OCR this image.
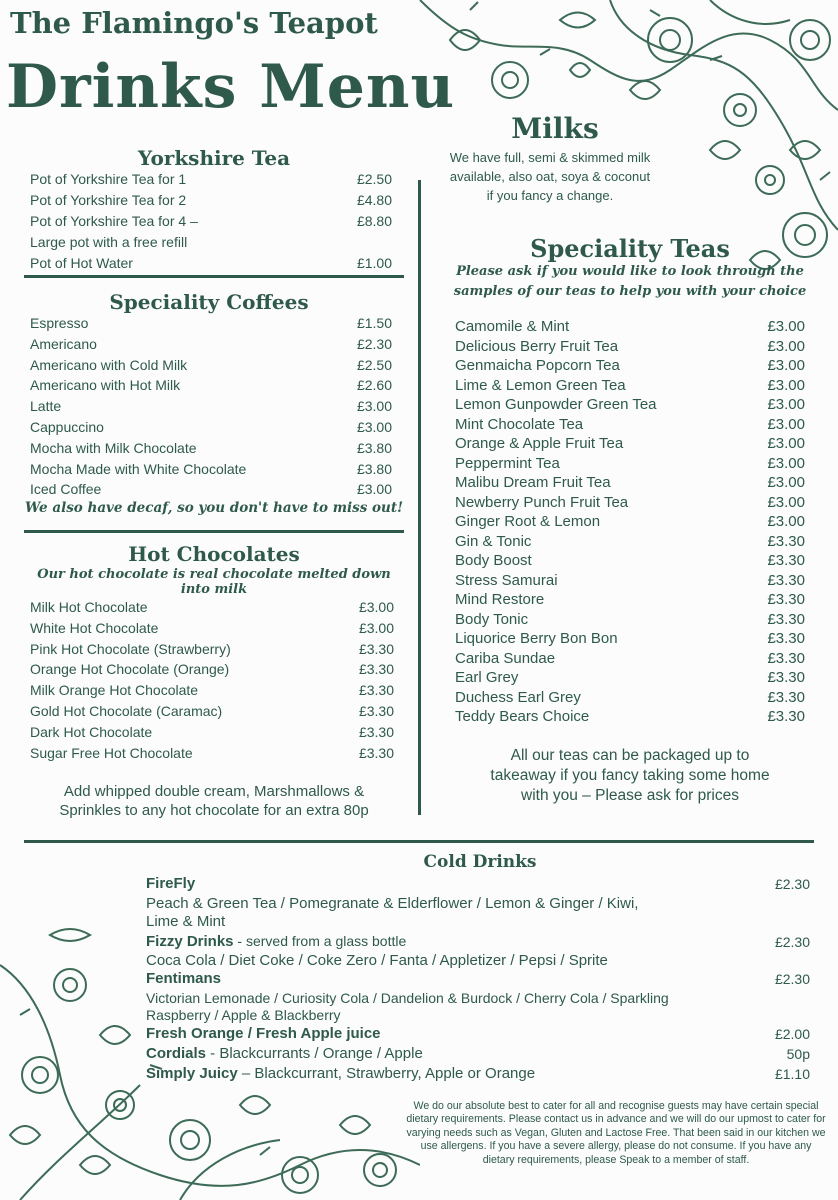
The Flamingo's Teapot
Drinks Menu
Yorkshire Tea
Pot of Yorkshire Tea for 1	£2.50
Pot of Yorkshire Tea for 2	£4.80
Pot of Yorkshire Tea for 4 –	£8.80
Large pot with a free refill
Pot of Hot Water	£1.00
Speciality Coffees
Espresso	£1.50
Americano	£2.30
Americano with Cold Milk	£2.50
Americano with Hot Milk	£2.60
Latte	£3.00
Cappuccino	£3.00
Mocha with Milk Chocolate	£3.80
Mocha Made with White Chocolate	£3.80
Iced Coffee	£3.00
We also have decaf, so you don't have to miss out!
Hot Chocolates
Our hot chocolate is real chocolate melted down
into milk
Milk Hot Chocolate	£3.00
White Hot Chocolate	£3.00
Pink Hot Chocolate (Strawberry)	£3.30
Orange Hot Chocolate (Orange)	£3.30
Milk Orange Hot Chocolate	£3.30
Gold Hot Chocolate (Caramac)	£3.30
Dark Hot Chocolate	£3.30
Sugar Free Hot Chocolate	£3.30
Add whipped double cream, Marshmallows &
Sprinkles to any hot chocolate for an extra 80p
Milks
We have full, semi & skimmed milk
available, also oat, soya & coconut
if you fancy a change.
Speciality Teas
Please ask if you would like to look through the
samples of our teas to help you with your choice
Camomile & Mint	£3.00
Delicious Berry Fruit Tea	£3.00
Genmaicha Popcorn Tea	£3.00
Lime & Lemon Green Tea	£3.00
Lemon Gunpowder Green Tea	£3.00
Mint Chocolate Tea	£3.00
Orange & Apple Fruit Tea	£3.00
Peppermint Tea	£3.00
Malibu Dream Fruit Tea	£3.00
Newberry Punch Fruit Tea	£3.00
Ginger Root & Lemon	£3.00
Gin & Tonic	£3.30
Body Boost	£3.30
Stress Samurai	£3.30
Mind Restore	£3.30
Body Tonic	£3.30
Liquorice Berry Bon Bon	£3.30
Cariba Sundae	£3.30
Earl Grey	£3.30
Duchess Earl Grey	£3.30
Teddy Bears Choice	£3.30
All our teas can be packaged up to
takeaway if you fancy taking some home
with you – Please ask for prices
Cold Drinks
FireFly	£2.30
Peach & Green Tea / Pomegranate & Elderflower / Lemon & Ginger / Kiwi,
Lime & Mint
Fizzy Drinks - served from a glass bottle	£2.30
Coca Cola / Diet Coke / Coke Zero / Fanta / Appletizer / Pepsi / Sprite
Fentimans	£2.30
Victorian Lemonade / Curiosity Cola / Dandelion & Burdock / Cherry Cola / Sparkling
Raspberry / Apple & Blackberry
Fresh Orange / Fresh Apple juice	£2.00
Cordials - Blackcurrants / Orange / Apple	50p
Simply Juicy – Blackcurrant, Strawberry, Apple or Orange	£1.10
We do our absolute best to cater for all and recognise guests may have certain special dietary requirements. Please contact us in advance and we will do our upmost to cater for varying needs such as Vegan, Gluten and Lactose Free. That been said in our kitchen we use allergens. If you have a severe allergy, please do not consume. If you have any dietary requirements, please Speak to a member of staff.
